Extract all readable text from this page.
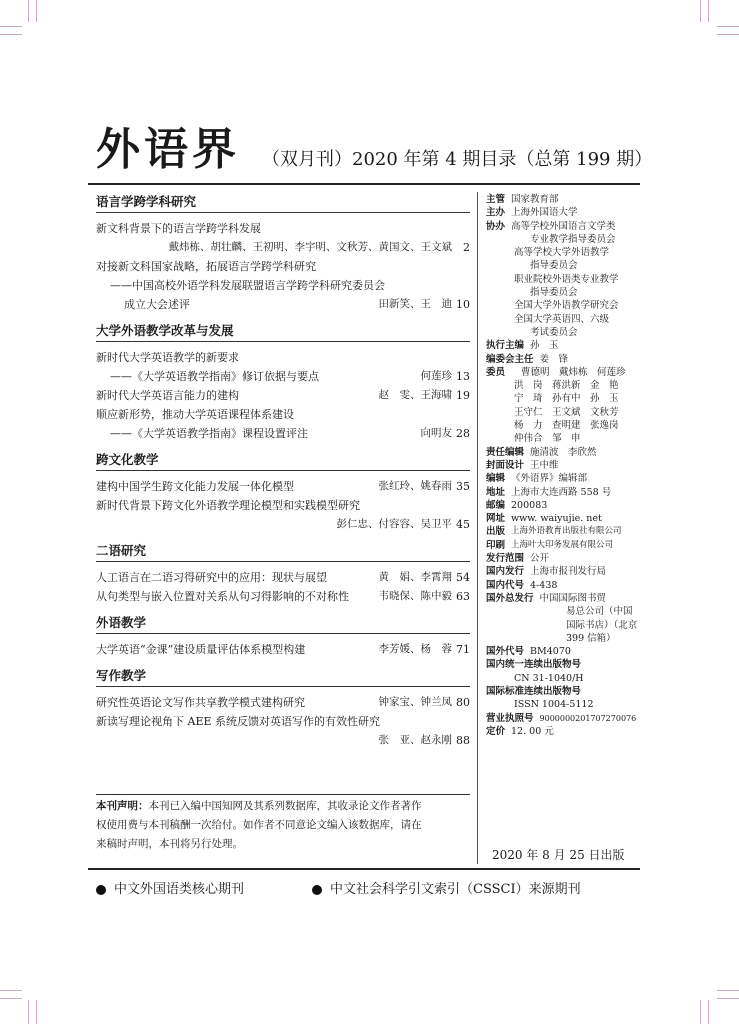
外语界 （双月刊）2020 年第 4 期目录（总第 199 期）
语言学跨学科研究
新文科背景下的语言学跨学科发展
戴炜栋、胡壮麟、王初明、李宇明、文秋芳、黄国文、王文斌	2
对接新文科国家战略，拓展语言学跨学科研究
——中国高校外语学科发展联盟语言学跨学科研究委员会
成立大会述评	田新笑、王　迪 10
大学外语教学改革与发展
新时代大学英语教学的新要求
——《大学英语教学指南》修订依据与要点	何莲珍 13
新时代大学英语言能力的建构	赵　雯、王海啸 19
顺应新形势，推动大学英语课程体系建设
——《大学英语教学指南》课程设置评注	向明友 28
跨文化教学
建构中国学生跨文化能力发展一体化模型	张红玲、姚春雨 35
新时代背景下跨文化外语教学理论模型和实践模型研究
彭仁忠、付容容、吴卫平 45
二语研究
人工语言在二语习得研究中的应用：现状与展望	黄　娟、李霄翔 54
从句类型与嵌入位置对关系从句习得影响的不对称性	韦晓保、陈中毅 63
外语教学
大学英语“金课”建设质量评估体系模型构建	李芳媛、杨　蓉 71
写作教学
研究性英语论文写作共享教学模式建构研究	钟家宝、钟兰凤 80
新读写理论视角下 AEE 系统反馈对英语写作的有效性研究
张　亚、赵永刚 88
本刊声明：本刊已入编中国知网及其系列数据库，其收录论文作者著作
权使用费与本刊稿酬一次给付。如作者不同意论文编入该数据库，请在
来稿时声明，本刊将另行处理。
主管 国家教育部
主办 上海外国语大学
协办 高等学校外国语言文学类
专业教学指导委员会
高等学校大学外语教学
指导委员会
职业院校外语类专业教学
指导委员会
全国大学外语教学研究会
全国大学英语四、六级
考试委员会
执行主编 孙　玉
编委会主任 姜　锋
委员 曹德明　戴炜栋　何莲珍
洪　岗　蒋洪新　金　艳
宁　琦　孙有中　孙　玉
王守仁　王文斌　文秋芳
杨　力　查明建　张逸岗
仲伟合　邹　申
责任编辑 施清波　李欣然
封面设计 王中维
编辑 《外语界》编辑部
地址 上海市大连西路 558 号
邮编 200083
网址 www. waiyujie. net
出版 上海外语教育出版社有限公司
印刷 上海叶大印务发展有限公司
发行范围 公开
国内发行 上海市报刊发行局
国内代号 4-438
国外总发行 中国国际图书贸
易总公司（中国
国际书店）（北京
399 信箱）
国外代号 BM4070
国内统一连续出版物号
CN 31-1040/H
国际标准连续出版物号
ISSN 1004-5112
营业执照号 9000000201707270076
定价 12. 00 元
2020 年 8 月 25 日出版
中文外国语类核心期刊	中文社会科学引文索引（CSSCI）来源期刊
